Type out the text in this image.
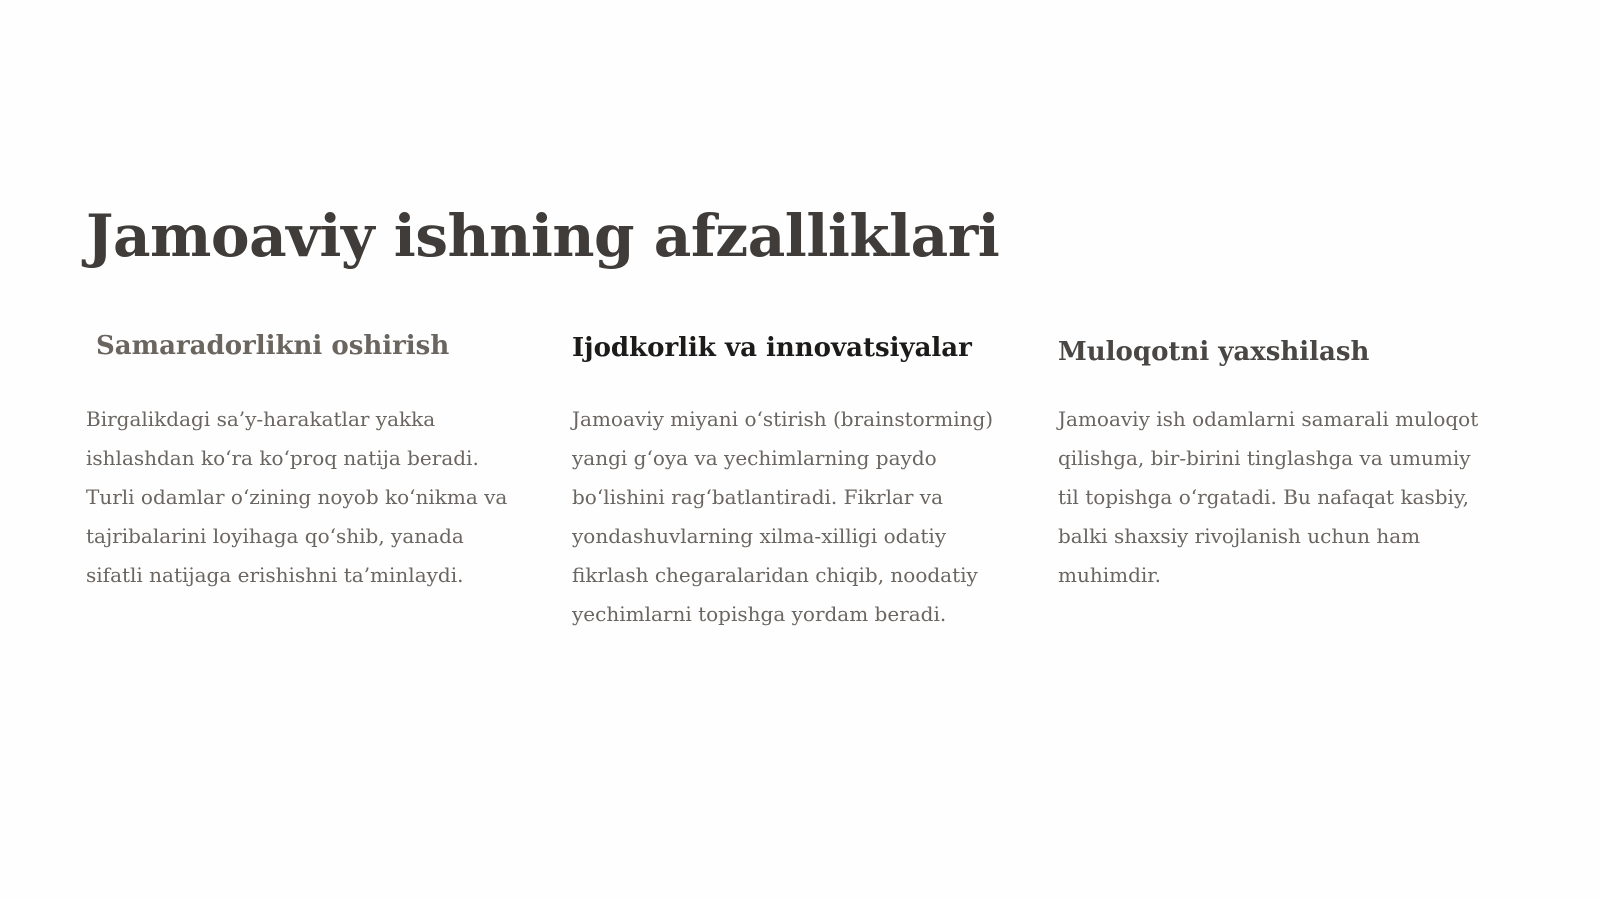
Jamoaviy ishning afzalliklari
Samaradorlikni oshirish

Birgalikdagi sa’y-harakatlar yakka ishlashdan ko‘ra ko‘proq natija beradi. Turli odamlar o‘zining noyob ko‘nikma va tajribalarini loyihaga qo‘shib, yanada sifatli natijaga erishishni ta’minlaydi.

Ijodkorlik va innovatsiyalar

Jamoaviy miyani o‘stirish (brainstorming) yangi g‘oya va yechimlarning paydo bo‘lishini rag‘batlantiradi. Fikrlar va yondashuvlarning xilma-xilligi odatiy fikrlash chegaralaridan chiqib, noodatiy yechimlarni topishga yordam beradi.

Muloqotni yaxshilash

Jamoaviy ish odamlarni samarali muloqot qilishga, bir-birini tinglashga va umumiy til topishga o‘rgatadi. Bu nafaqat kasbiy, balki shaxsiy rivojlanish uchun ham muhimdir.
